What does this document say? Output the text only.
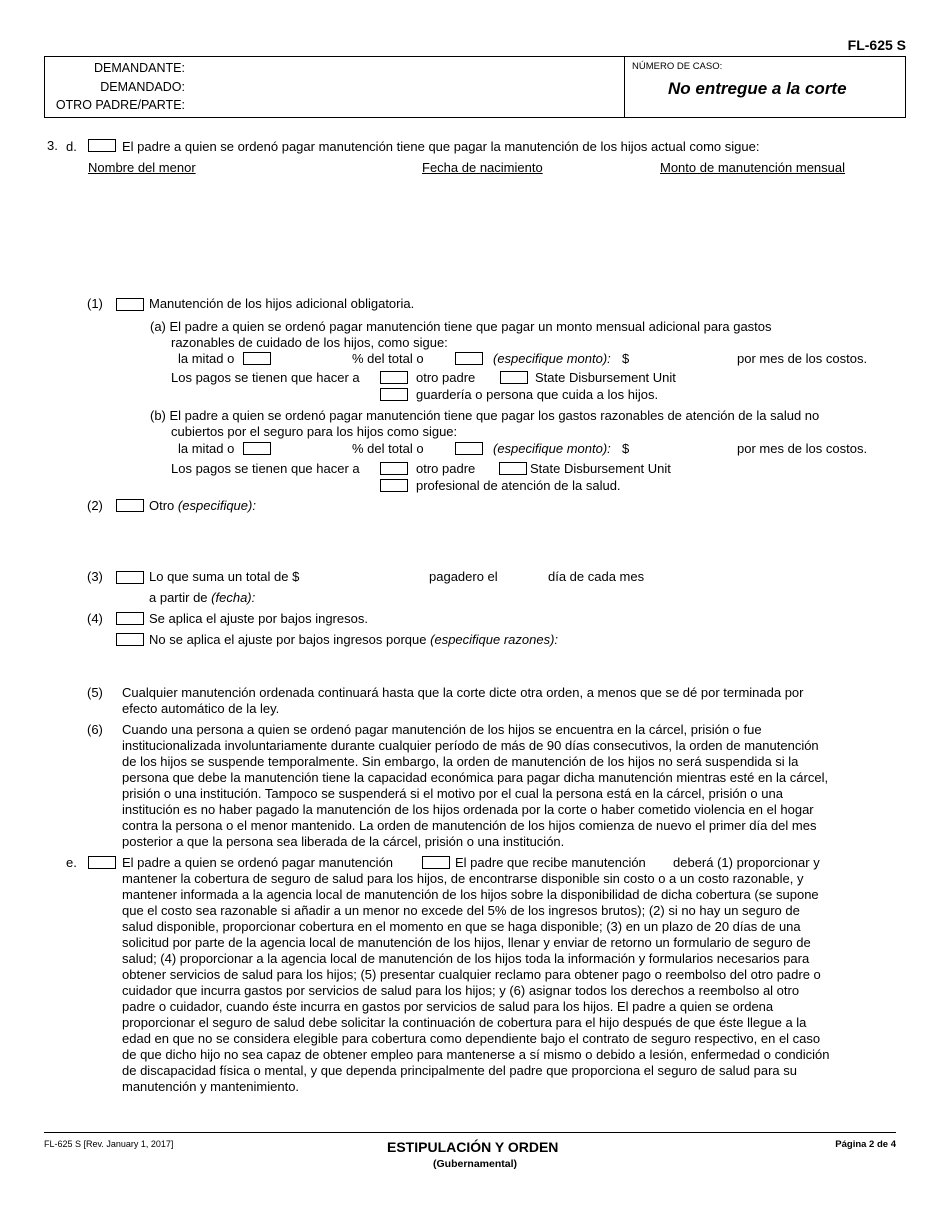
FL-625 S
DEMANDANTE:
DEMANDADO:
OTRO PADRE/PARTE:
NÚMERO DE CASO:
No entregue a la corte
3. d.	El padre a quien se ordenó pagar manutención tiene que pagar la manutención de los hijos actual como sigue:
Nombre del menor	Fecha de nacimiento	Monto de manutención mensual
(1)	Manutención de los hijos adicional obligatoria.
(a) El padre a quien se ordenó pagar manutención tiene que pagar un monto mensual adicional para gastos
razonables de cuidado de los hijos, como sigue:
la mitad o	% del total o	(especifique monto): $	por mes de los costos.
Los pagos se tienen que hacer a	otro padre	State Disbursement Unit
guardería o persona que cuida a los hijos.
(b) El padre a quien se ordenó pagar manutención tiene que pagar los gastos razonables de atención de la salud no
cubiertos por el seguro para los hijos como sigue:
la mitad o	% del total o	(especifique monto): $	por mes de los costos.
Los pagos se tienen que hacer a	otro padre	State Disbursement Unit
profesional de atención de la salud.
(2)	Otro (especifique):
(3)	Lo que suma un total de $	pagadero el	día de cada mes
a partir de (fecha):
(4)	Se aplica el ajuste por bajos ingresos.
No se aplica el ajuste por bajos ingresos porque (especifique razones):
(5) Cualquier manutención ordenada continuará hasta que la corte dicte otra orden, a menos que se dé por terminada por
efecto automático de la ley.
(6) Cuando una persona a quien se ordenó pagar manutención de los hijos se encuentra en la cárcel, prisión o fue
institucionalizada involuntariamente durante cualquier período de más de 90 días consecutivos, la orden de manutención
de los hijos se suspende temporalmente. Sin embargo, la orden de manutención de los hijos no será suspendida si la
persona que debe la manutención tiene la capacidad económica para pagar dicha manutención mientras esté en la cárcel,
prisión o una institución. Tampoco se suspenderá si el motivo por el cual la persona está en la cárcel, prisión o una
institución es no haber pagado la manutención de los hijos ordenada por la corte o haber cometido violencia en el hogar
contra la persona o el menor mantenido. La orden de manutención de los hijos comienza de nuevo el primer día del mes
posterior a que la persona sea liberada de la cárcel, prisión o una institución.
e.	El padre a quien se ordenó pagar manutención	El padre que recibe manutención deberá (1) proporcionar y
mantener la cobertura de seguro de salud para los hijos, de encontrarse disponible sin costo o a un costo razonable, y
mantener informada a la agencia local de manutención de los hijos sobre la disponibilidad de dicha cobertura (se supone
que el costo sea razonable si añadir a un menor no excede del 5% de los ingresos brutos); (2) si no hay un seguro de
salud disponible, proporcionar cobertura en el momento en que se haga disponible; (3) en un plazo de 20 días de una
solicitud por parte de la agencia local de manutención de los hijos, llenar y enviar de retorno un formulario de seguro de
salud; (4) proporcionar a la agencia local de manutención de los hijos toda la información y formularios necesarios para
obtener servicios de salud para los hijos; (5) presentar cualquier reclamo para obtener pago o reembolso del otro padre o
cuidador que incurra gastos por servicios de salud para los hijos; y (6) asignar todos los derechos a reembolso al otro
padre o cuidador, cuando éste incurra en gastos por servicios de salud para los hijos. El padre a quien se ordena
proporcionar el seguro de salud debe solicitar la continuación de cobertura para el hijo después de que éste llegue a la
edad en que no se considera elegible para cobertura como dependiente bajo el contrato de seguro respectivo, en el caso
de que dicho hijo no sea capaz de obtener empleo para mantenerse a sí mismo o debido a lesión, enfermedad o condición
de discapacidad física o mental, y que dependa principalmente del padre que proporciona el seguro de salud para su
manutención y mantenimiento.
FL-625 S [Rev. January 1, 2017]	ESTIPULACIÓN Y ORDEN
(Gubernamental)
Página 2 de 4
